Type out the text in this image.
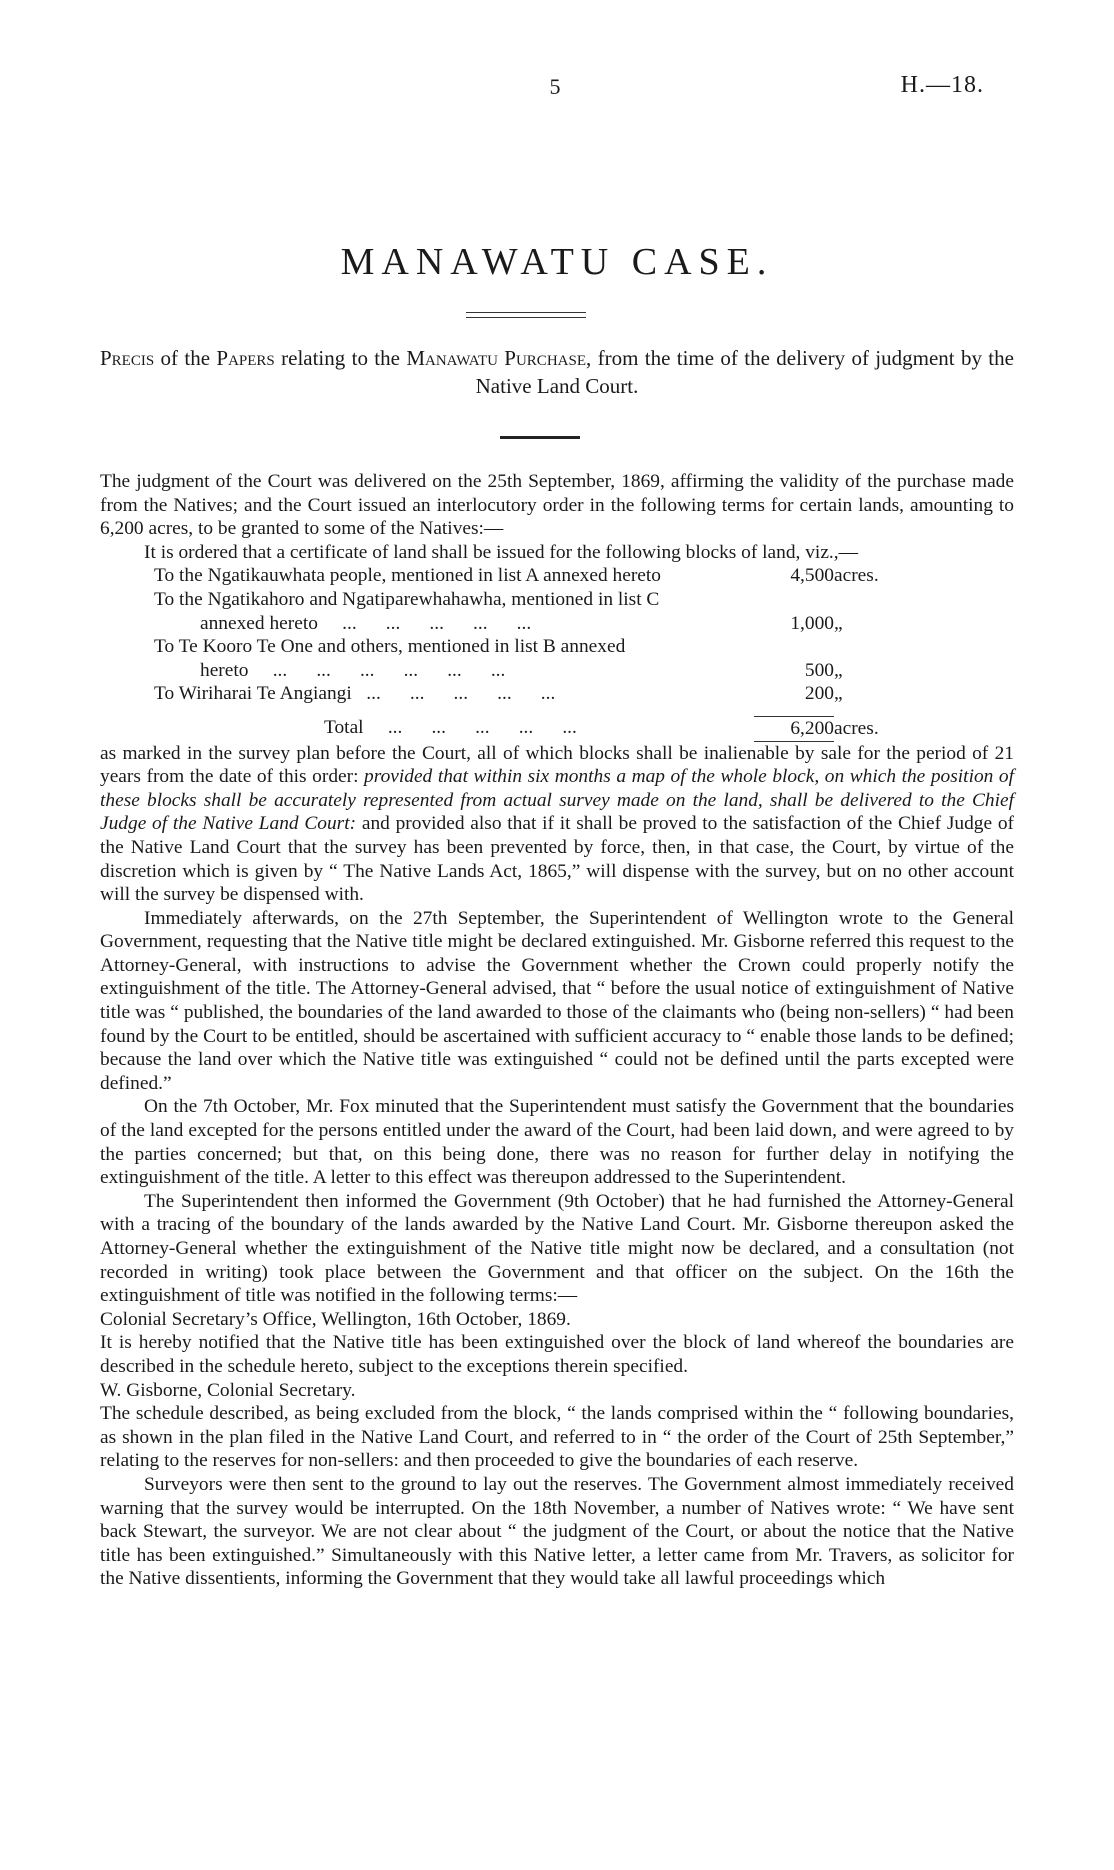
5	H.—18.
MANAWATU CASE.
Precis of the Papers relating to the Manawatu Purchase, from the time of the delivery of judgment by the Native Land Court.

The judgment of the Court was delivered on the 25th September, 1869, affirming the validity of the purchase made from the Natives; and the Court issued an interlocutory order in the following terms for certain lands, amounting to 6,200 acres, to be granted to some of the Natives:—

It is ordered that a certificate of land shall be issued for the following blocks of land, viz.,—

To the Ngatikauwhata people, mentioned in list A annexed hereto	4,500	acres.
To the Ngatikahoro and Ngatiparewhahawha, mentioned in list C
annexed hereto     ...      ...      ...      ...      ...	1,000	„
To Te Kooro Te One and others, mentioned in list B annexed
hereto     ...      ...      ...      ...      ...      ...	500	„
To Wiriharai Te Angiangi   ...      ...      ...      ...      ...	200	„
Total     ...      ...      ...      ...      ...	6,200	acres.

as marked in the survey plan before the Court, all of which blocks shall be inalienable by sale for the period of 21 years from the date of this order: provided that within six months a map of the whole block, on which the position of these blocks shall be accurately represented from actual survey made on the land, shall be delivered to the Chief Judge of the Native Land Court: and provided also that if it shall be proved to the satisfaction of the Chief Judge of the Native Land Court that the survey has been prevented by force, then, in that case, the Court, by virtue of the discretion which is given by “ The Native Lands Act, 1865,” will dispense with the survey, but on no other account will the survey be dispensed with.

Immediately afterwards, on the 27th September, the Superintendent of Wellington wrote to the General Government, requesting that the Native title might be declared extinguished. Mr. Gisborne referred this request to the Attorney-General, with instructions to advise the Government whether the Crown could properly notify the extinguishment of the title. The Attorney-General advised, that “ before the usual notice of extinguishment of Native title was “ published, the boundaries of the land awarded to those of the claimants who (being non-sellers) “ had been found by the Court to be entitled, should be ascertained with sufficient accuracy to “ enable those lands to be defined; because the land over which the Native title was extinguished “ could not be defined until the parts excepted were defined.”

On the 7th October, Mr. Fox minuted that the Superintendent must satisfy the Government that the boundaries of the land excepted for the persons entitled under the award of the Court, had been laid down, and were agreed to by the parties concerned; but that, on this being done, there was no reason for further delay in notifying the extinguishment of the title. A letter to this effect was thereupon addressed to the Superintendent.

The Superintendent then informed the Government (9th October) that he had furnished the Attorney-General with a tracing of the boundary of the lands awarded by the Native Land Court. Mr. Gisborne thereupon asked the Attorney-General whether the extinguishment of the Native title might now be declared, and a consultation (not recorded in writing) took place between the Government and that officer on the subject. On the 16th the extinguishment of title was notified in the following terms:—

Colonial Secretary’s Office, Wellington, 16th October, 1869.

It is hereby notified that the Native title has been extinguished over the block of land whereof the boundaries are described in the schedule hereto, subject to the exceptions therein specified.

W. Gisborne, Colonial Secretary.

The schedule described, as being excluded from the block, “ the lands comprised within the “ following boundaries, as shown in the plan filed in the Native Land Court, and referred to in “ the order of the Court of 25th September,” relating to the reserves for non-sellers: and then proceeded to give the boundaries of each reserve.

Surveyors were then sent to the ground to lay out the reserves. The Government almost immediately received warning that the survey would be interrupted. On the 18th November, a number of Natives wrote: “ We have sent back Stewart, the surveyor. We are not clear about “ the judgment of the Court, or about the notice that the Native title has been extinguished.” Simultaneously with this Native letter, a letter came from Mr. Travers, as solicitor for the Native dissentients, informing the Government that they would take all lawful proceedings which
